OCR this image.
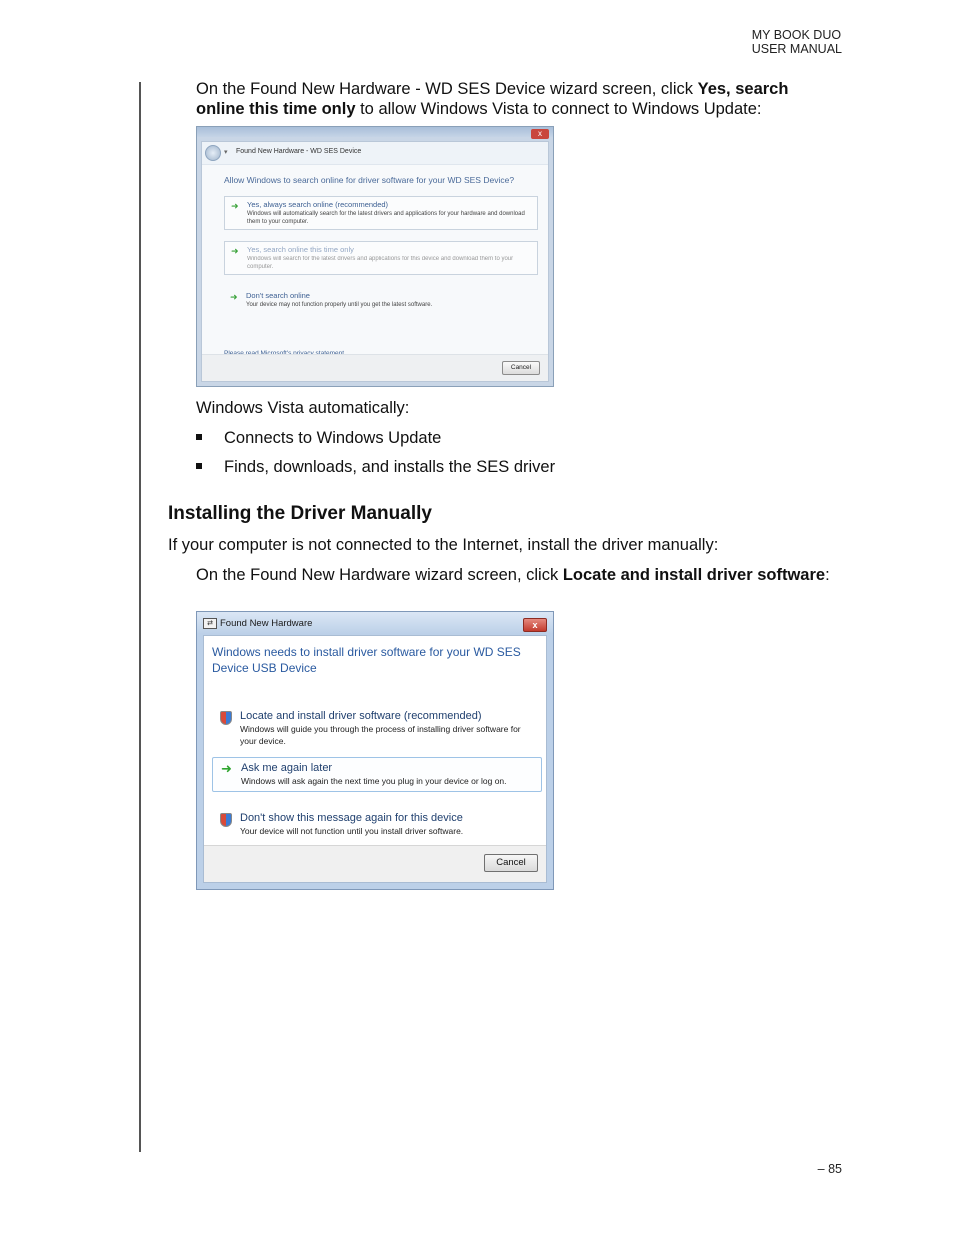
MY BOOK DUO
USER MANUAL
On the Found New Hardware - WD SES Device wizard screen, click Yes, search online this time only to allow Windows Vista to connect to Windows Update:
x
▾ Found New Hardware - WD SES Device
Allow Windows to search online for driver software for your WD SES Device?
➜ Yes, always search online (recommended)
Windows will automatically search for the latest drivers and applications for your hardware and download them to your computer.
➜ Yes, search online this time only
Windows will search for the latest drivers and applications for this device and download them to your computer.
➜ Don't search online
Your device may not function properly until you get the latest software.
Cancel
Windows Vista automatically:
Connects to Windows Update
Finds, downloads, and installs the SES driver
Installing the Driver Manually
If your computer is not connected to the Internet, install the driver manually:
On the Found New Hardware wizard screen, click Locate and install driver software:
⇄ Found New Hardware	x
Windows needs to install driver software for your WD SES Device USB Device
Locate and install driver software (recommended)
Windows will guide you through the process of installing driver software for your device.
➜ Ask me again later
Windows will ask again the next time you plug in your device or log on.
Don't show this message again for this device
Your device will not function until you install driver software.
Cancel
– 85
